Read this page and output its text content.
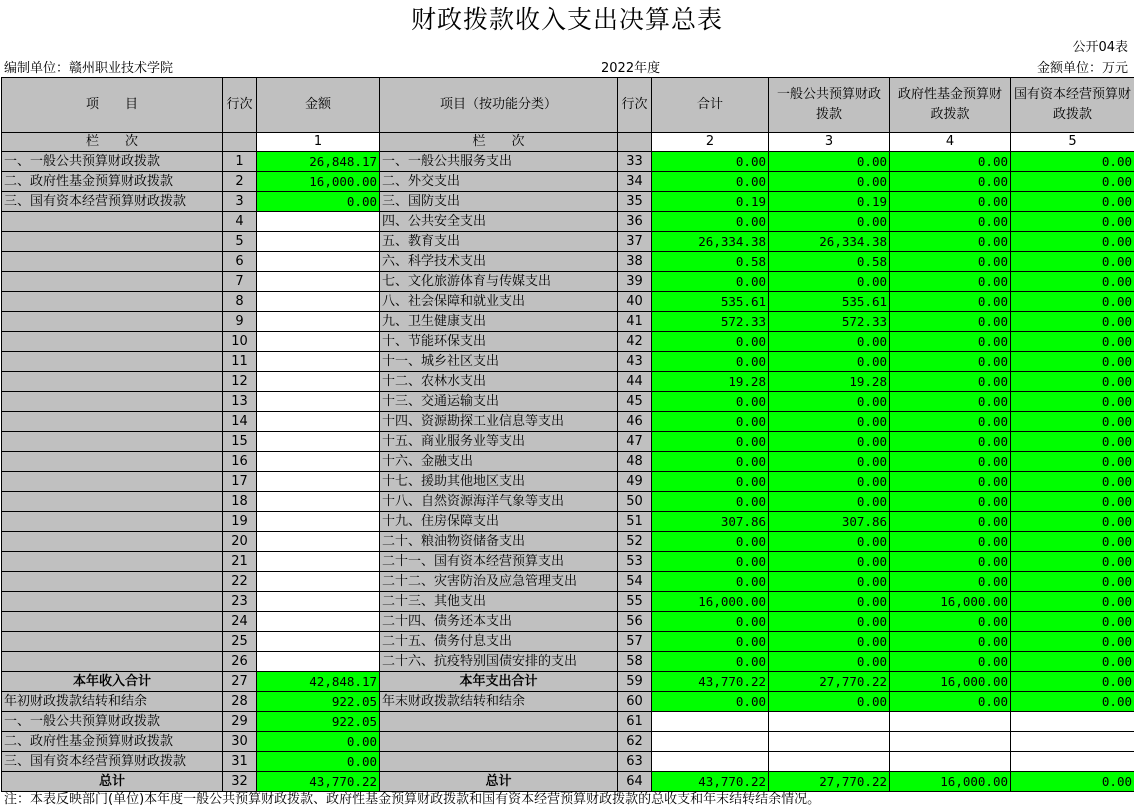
财政拨款收入支出决算总表
公开04表
编制单位：赣州职业技术学院	2022年度	金额单位：万元
项　　目	行次	金额	项目（按功能分类）	行次	合计	一般公共预算财政拨款	政府性基金预算财政拨款	国有资本经营预算财政拨款
栏　　次		1	栏　　次		2	3	4	5
一、一般公共预算财政拨款	1	26,848.17	一、一般公共服务支出	33	0.00	0.00	0.00	0.00
二、政府性基金预算财政拨款	2	16,000.00	二、外交支出	34	0.00	0.00	0.00	0.00
三、国有资本经营预算财政拨款	3	0.00	三、国防支出	35	0.19	0.19	0.00	0.00
	4		四、公共安全支出	36	0.00	0.00	0.00	0.00
	5		五、教育支出	37	26,334.38	26,334.38	0.00	0.00
	6		六、科学技术支出	38	0.58	0.58	0.00	0.00
	7		七、文化旅游体育与传媒支出	39	0.00	0.00	0.00	0.00
	8		八、社会保障和就业支出	40	535.61	535.61	0.00	0.00
	9		九、卫生健康支出	41	572.33	572.33	0.00	0.00
	10		十、节能环保支出	42	0.00	0.00	0.00	0.00
	11		十一、城乡社区支出	43	0.00	0.00	0.00	0.00
	12		十二、农林水支出	44	19.28	19.28	0.00	0.00
	13		十三、交通运输支出	45	0.00	0.00	0.00	0.00
	14		十四、资源勘探工业信息等支出	46	0.00	0.00	0.00	0.00
	15		十五、商业服务业等支出	47	0.00	0.00	0.00	0.00
	16		十六、金融支出	48	0.00	0.00	0.00	0.00
	17		十七、援助其他地区支出	49	0.00	0.00	0.00	0.00
	18		十八、自然资源海洋气象等支出	50	0.00	0.00	0.00	0.00
	19		十九、住房保障支出	51	307.86	307.86	0.00	0.00
	20		二十、粮油物资储备支出	52	0.00	0.00	0.00	0.00
	21		二十一、国有资本经营预算支出	53	0.00	0.00	0.00	0.00
	22		二十二、灾害防治及应急管理支出	54	0.00	0.00	0.00	0.00
	23		二十三、其他支出	55	16,000.00	0.00	16,000.00	0.00
	24		二十四、债务还本支出	56	0.00	0.00	0.00	0.00
	25		二十五、债务付息支出	57	0.00	0.00	0.00	0.00
	26		二十六、抗疫特别国债安排的支出	58	0.00	0.00	0.00	0.00
本年收入合计	27	42,848.17	本年支出合计	59	43,770.22	27,770.22	16,000.00	0.00
年初财政拨款结转和结余	28	922.05	年末财政拨款结转和结余	60	0.00	0.00	0.00	0.00
一、一般公共预算财政拨款	29	922.05		61				
二、政府性基金预算财政拨款	30	0.00		62				
三、国有资本经营预算财政拨款	31	0.00		63				
总计	32	43,770.22	总计	64	43,770.22	27,770.22	16,000.00	0.00
注：本表反映部门(单位)本年度一般公共预算财政拨款、政府性基金预算财政拨款和国有资本经营预算财政拨款的总收支和年末结转结余情况。
